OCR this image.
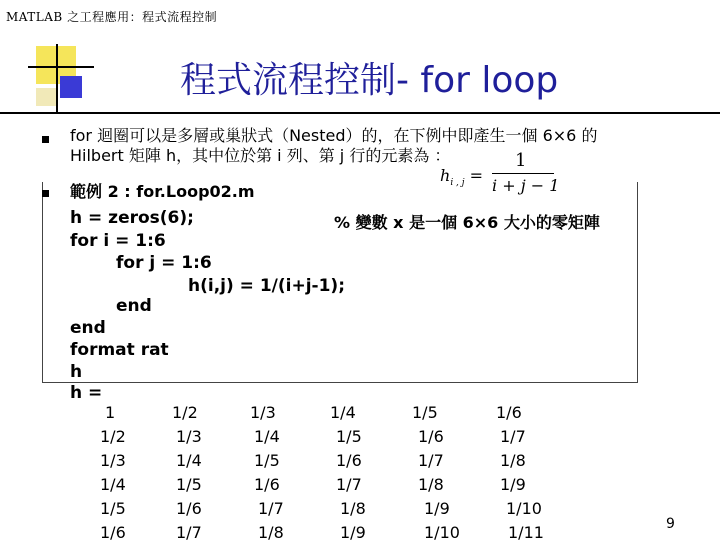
MATLAB 之工程應用：程式流程控制
程式流程控制- for loop
for 迴圈可以是多層或巢狀式（Nested）的，在下例中即產生一個 6×6 的
Hilbert 矩陣 h，其中位於第 i 列、第 j 行的元素為 ：
$h_{i , j}$ =
1
i + j − 1
範例 2 : for.Loop02.m
h = zeros(6);	% 變數 x 是一個 6×6 大小的零矩陣
for i = 1:6
for j = 1:6
h(i,j) = 1/(i+j-1);
end
end
format rat
h
h =
1	1/2	1/3	1/4	1/5	1/6
1/2	1/3	1/4	1/5	1/6	1/7
1/3	1/4	1/5	1/6	1/7	1/8
1/4	1/5	1/6	1/7	1/8	1/9
1/5	1/6	1/7	1/8	1/9	1/10
1/6	1/7	1/8	1/9	1/10	1/11	9
